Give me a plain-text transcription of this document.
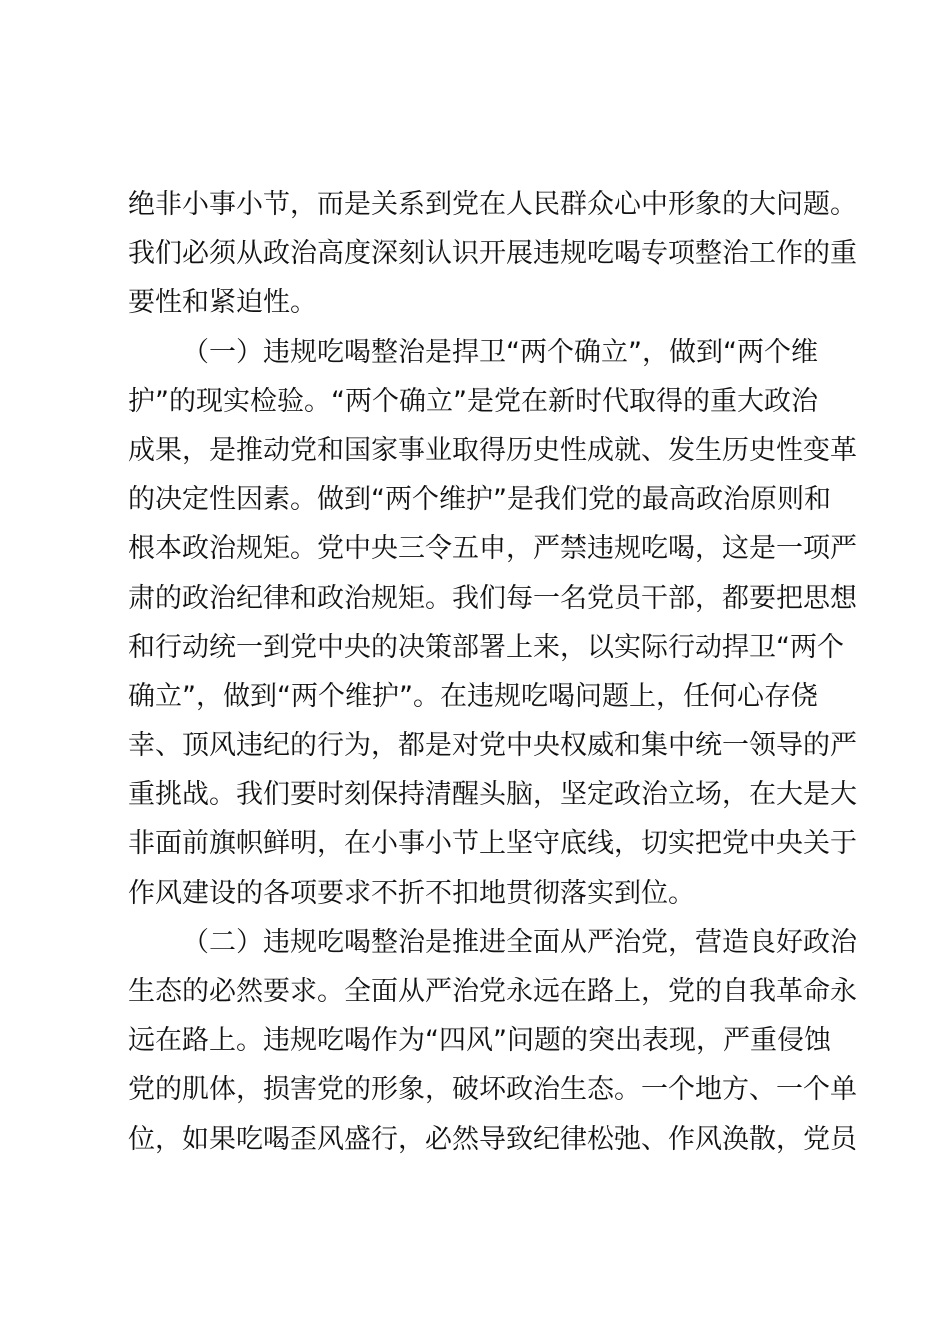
绝非小事小节，而是关系到党在人民群众心中形象的大问题。
我们必须从政治高度深刻认识开展违规吃喝专项整治工作的重
要性和紧迫性。
（一）违规吃喝整治是捍卫“两个确立”，做到“两个维
护”的现实检验。“两个确立”是党在新时代取得的重大政治
成果，是推动党和国家事业取得历史性成就、发生历史性变革
的决定性因素。做到“两个维护”是我们党的最高政治原则和
根本政治规矩。党中央三令五申，严禁违规吃喝，这是一项严
肃的政治纪律和政治规矩。我们每一名党员干部，都要把思想
和行动统一到党中央的决策部署上来，以实际行动捍卫“两个
确立”，做到“两个维护”。在违规吃喝问题上，任何心存侥
幸、顶风违纪的行为，都是对党中央权威和集中统一领导的严
重挑战。我们要时刻保持清醒头脑，坚定政治立场，在大是大
非面前旗帜鲜明，在小事小节上坚守底线，切实把党中央关于
作风建设的各项要求不折不扣地贯彻落实到位。
（二）违规吃喝整治是推进全面从严治党，营造良好政治
生态的必然要求。全面从严治党永远在路上，党的自我革命永
远在路上。违规吃喝作为“四风”问题的突出表现，严重侵蚀
党的肌体，损害党的形象，破坏政治生态。一个地方、一个单
位，如果吃喝歪风盛行，必然导致纪律松弛、作风涣散，党员
